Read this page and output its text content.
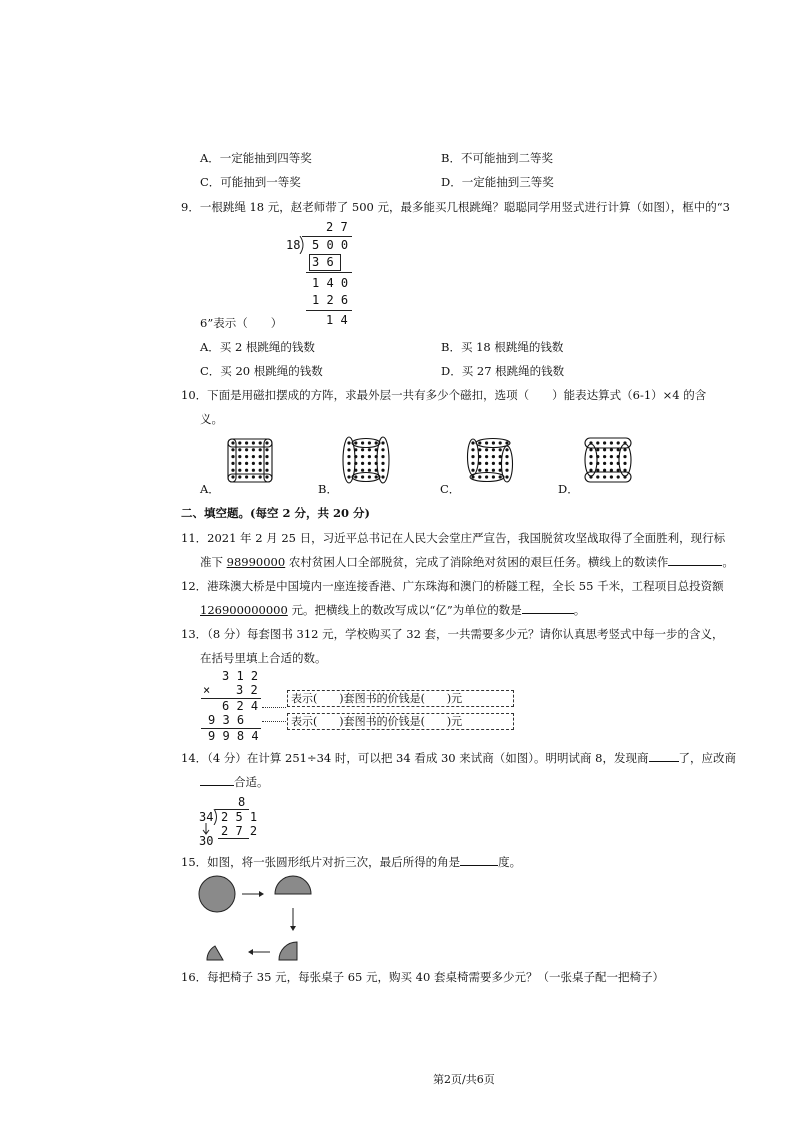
A．一定能抽到四等奖	B．不可能抽到二等奖
C．可能抽到一等奖	D．一定能抽到三等奖
9．一根跳绳 18 元，赵老师带了 500 元，最多能买几根跳绳？聪聪同学用竖式进行计算（如图），框中的“3
2 7
18 5 0 0
3 6
1 4 0
1 2 6
1 4
6”表示（　　）
A．买 2 根跳绳的钱数	B．买 18 根跳绳的钱数
C．买 20 根跳绳的钱数	D．买 27 根跳绳的钱数
10．下面是用磁扣摆成的方阵，求最外层一共有多少个磁扣，选项（　　）能表达算式（6-1）×4 的含
义。
A．	B．	C．	D．
二、填空题。(每空 2 分，共 20 分)
11．2021 年 2 月 25 日，习近平总书记在人民大会堂庄严宣告，我国脱贫攻坚战取得了全面胜利，现行标
准下 98990000 农村贫困人口全部脱贫，完成了消除绝对贫困的艰巨任务。横线上的数读作	。
12．港珠澳大桥是中国境内一座连接香港、广东珠海和澳门的桥隧工程，全长 55 千米，工程项目总投资额
126900000000 元。把横线上的数改写成以“亿”为单位的数是	。
13．（8 分）每套图书 312 元，学校购买了 32 套，一共需要多少元？请你认真思考竖式中每一步的含义，
在括号里填上合适的数。
3 1 2
× 3 2
6 2 4
9 3 6
9 9 8 4
表示(　　)套图书的价钱是(　　)元
表示(　　)套图书的价钱是(　　)元
14．（4 分）在计算 251÷34 时，可以把 34 看成 30 来试商（如图）。明明试商 8，发现商	了，应改商
合适。
8
34 2 5 1
2 7 2
30
15．如图，将一张圆形纸片对折三次，最后所得的角是	度。
16．每把椅子 35 元，每张桌子 65 元，购买 40 套桌椅需要多少元？（一张桌子配一把椅子）
第2页/共6页
